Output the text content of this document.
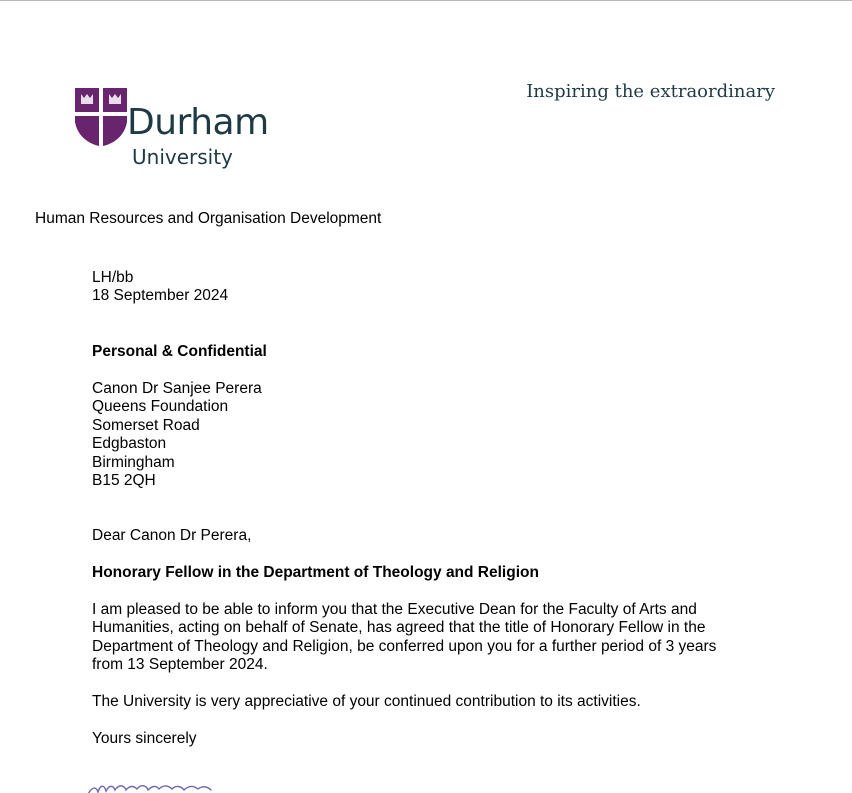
Durham
University
Inspiring the extraordinary
Human Resources and Organisation Development
LH/bb
18 September 2024
Personal & Confidential
Canon Dr Sanjee Perera
Queens Foundation
Somerset Road
Edgbaston
Birmingham
B15 2QH
Dear Canon Dr Perera,
Honorary Fellow in the Department of Theology and Religion
I am pleased to be able to inform you that the Executive Dean for the Faculty of Arts and
Humanities, acting on behalf of Senate, has agreed that the title of Honorary Fellow in the
Department of Theology and Religion, be conferred upon you for a further period of 3 years
from 13 September 2024.
The University is very appreciative of your continued contribution to its activities.
Yours sincerely
